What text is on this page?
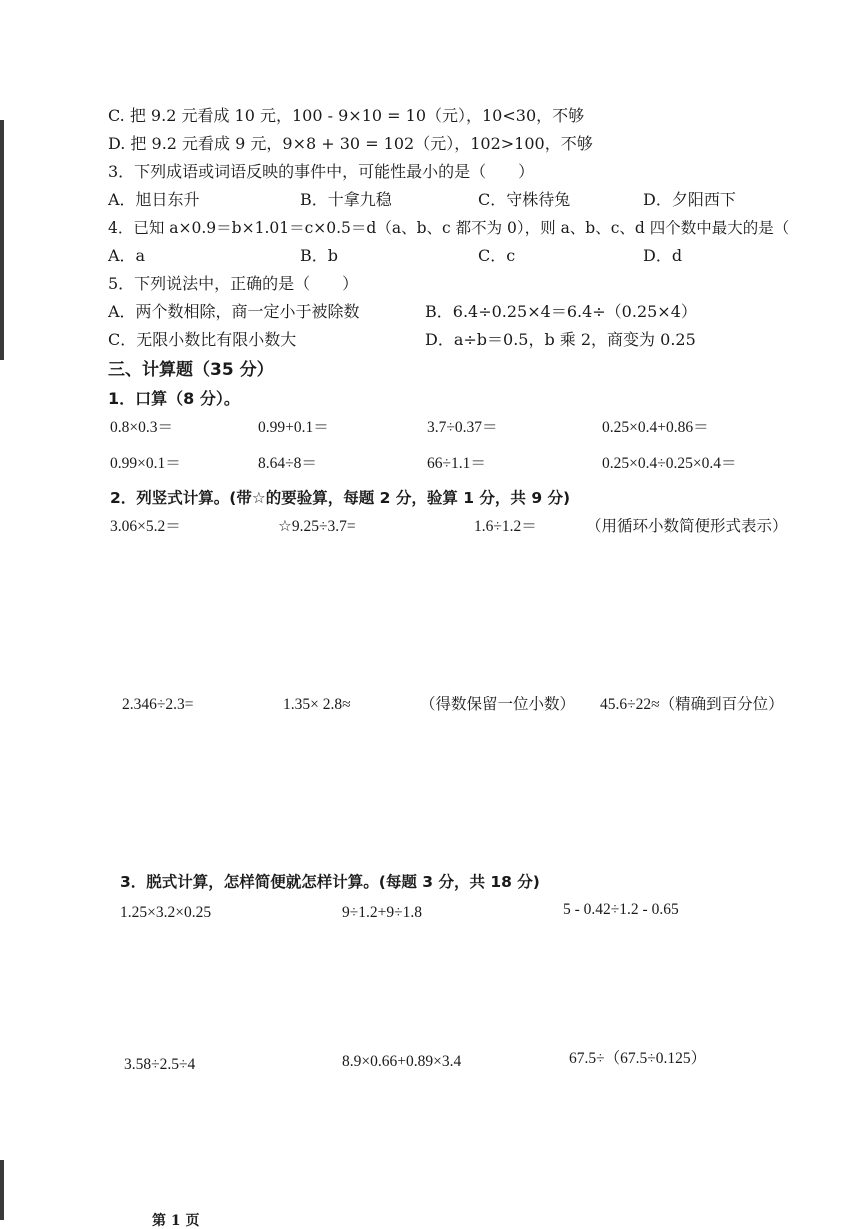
C. 把 9.2 元看成 10 元，100 - 9×10 = 10（元），10<30，不够
D. 把 9.2 元看成 9 元，9×8 + 30 = 102（元），102>100，不够
3．下列成语或词语反映的事件中，可能性最小的是（　　）
A．旭日东升	B．十拿九稳	C．守株待兔	D．夕阳西下
4．已知 a×0.9＝b×1.01＝c×0.5＝d（a、b、c 都不为 0），则 a、b、c、d 四个数中最大的是（
A．a	B．b	C．c	D．d
5．下列说法中，正确的是（　　）
A．两个数相除，商一定小于被除数	B．6.4÷0.25×4＝6.4÷（0.25×4）
C．无限小数比有限小数大	D．a÷b＝0.5，b 乘 2，商变为 0.25
三、计算题（35 分）
1．口算（8 分）。
0.8×0.3＝	0.99+0.1＝	3.7÷0.37＝	0.25×0.4+0.86＝
0.99×0.1＝	8.64÷8＝	66÷1.1＝	0.25×0.4÷0.25×0.4＝
2．列竖式计算。(带☆的要验算，每题 2 分，验算 1 分，共 9 分)
3.06×5.2＝	☆9.25÷3.7=	1.6÷1.2＝	（用循环小数简便形式表示）
2.346÷2.3=	1.35× 2.8≈	（得数保留一位小数） 45.6÷22≈（精确到百分位）
3．脱式计算，怎样简便就怎样计算。(每题 3 分，共 18 分)
1.25×3.2×0.25	9÷1.2+9÷1.8	5 - 0.42÷1.2 - 0.65
3.58÷2.5÷4	8.9×0.66+0.89×3.4	67.5÷（67.5÷0.125）
第 1 页
